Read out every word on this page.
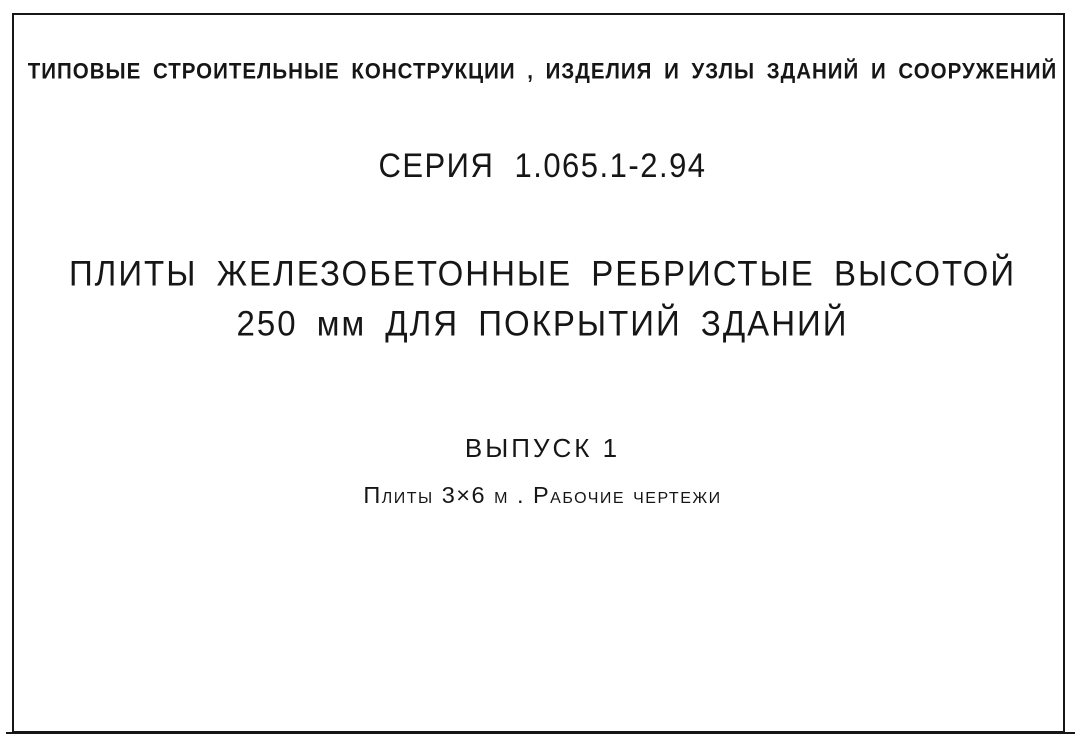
ТИПОВЫЕ СТРОИТЕЛЬНЫЕ КОНСТРУКЦИИ , ИЗДЕЛИЯ И УЗЛЫ ЗДАНИЙ И СООРУЖЕНИЙ
СЕРИЯ 1.065.1-2.94
ПЛИТЫ ЖЕЛЕЗОБЕТОННЫЕ РЕБРИСТЫЕ ВЫСОТОЙ
250 мм ДЛЯ ПОКРЫТИЙ ЗДАНИЙ
ВЫПУСК 1
Плиты 3×6 м . Рабочие чертежи
